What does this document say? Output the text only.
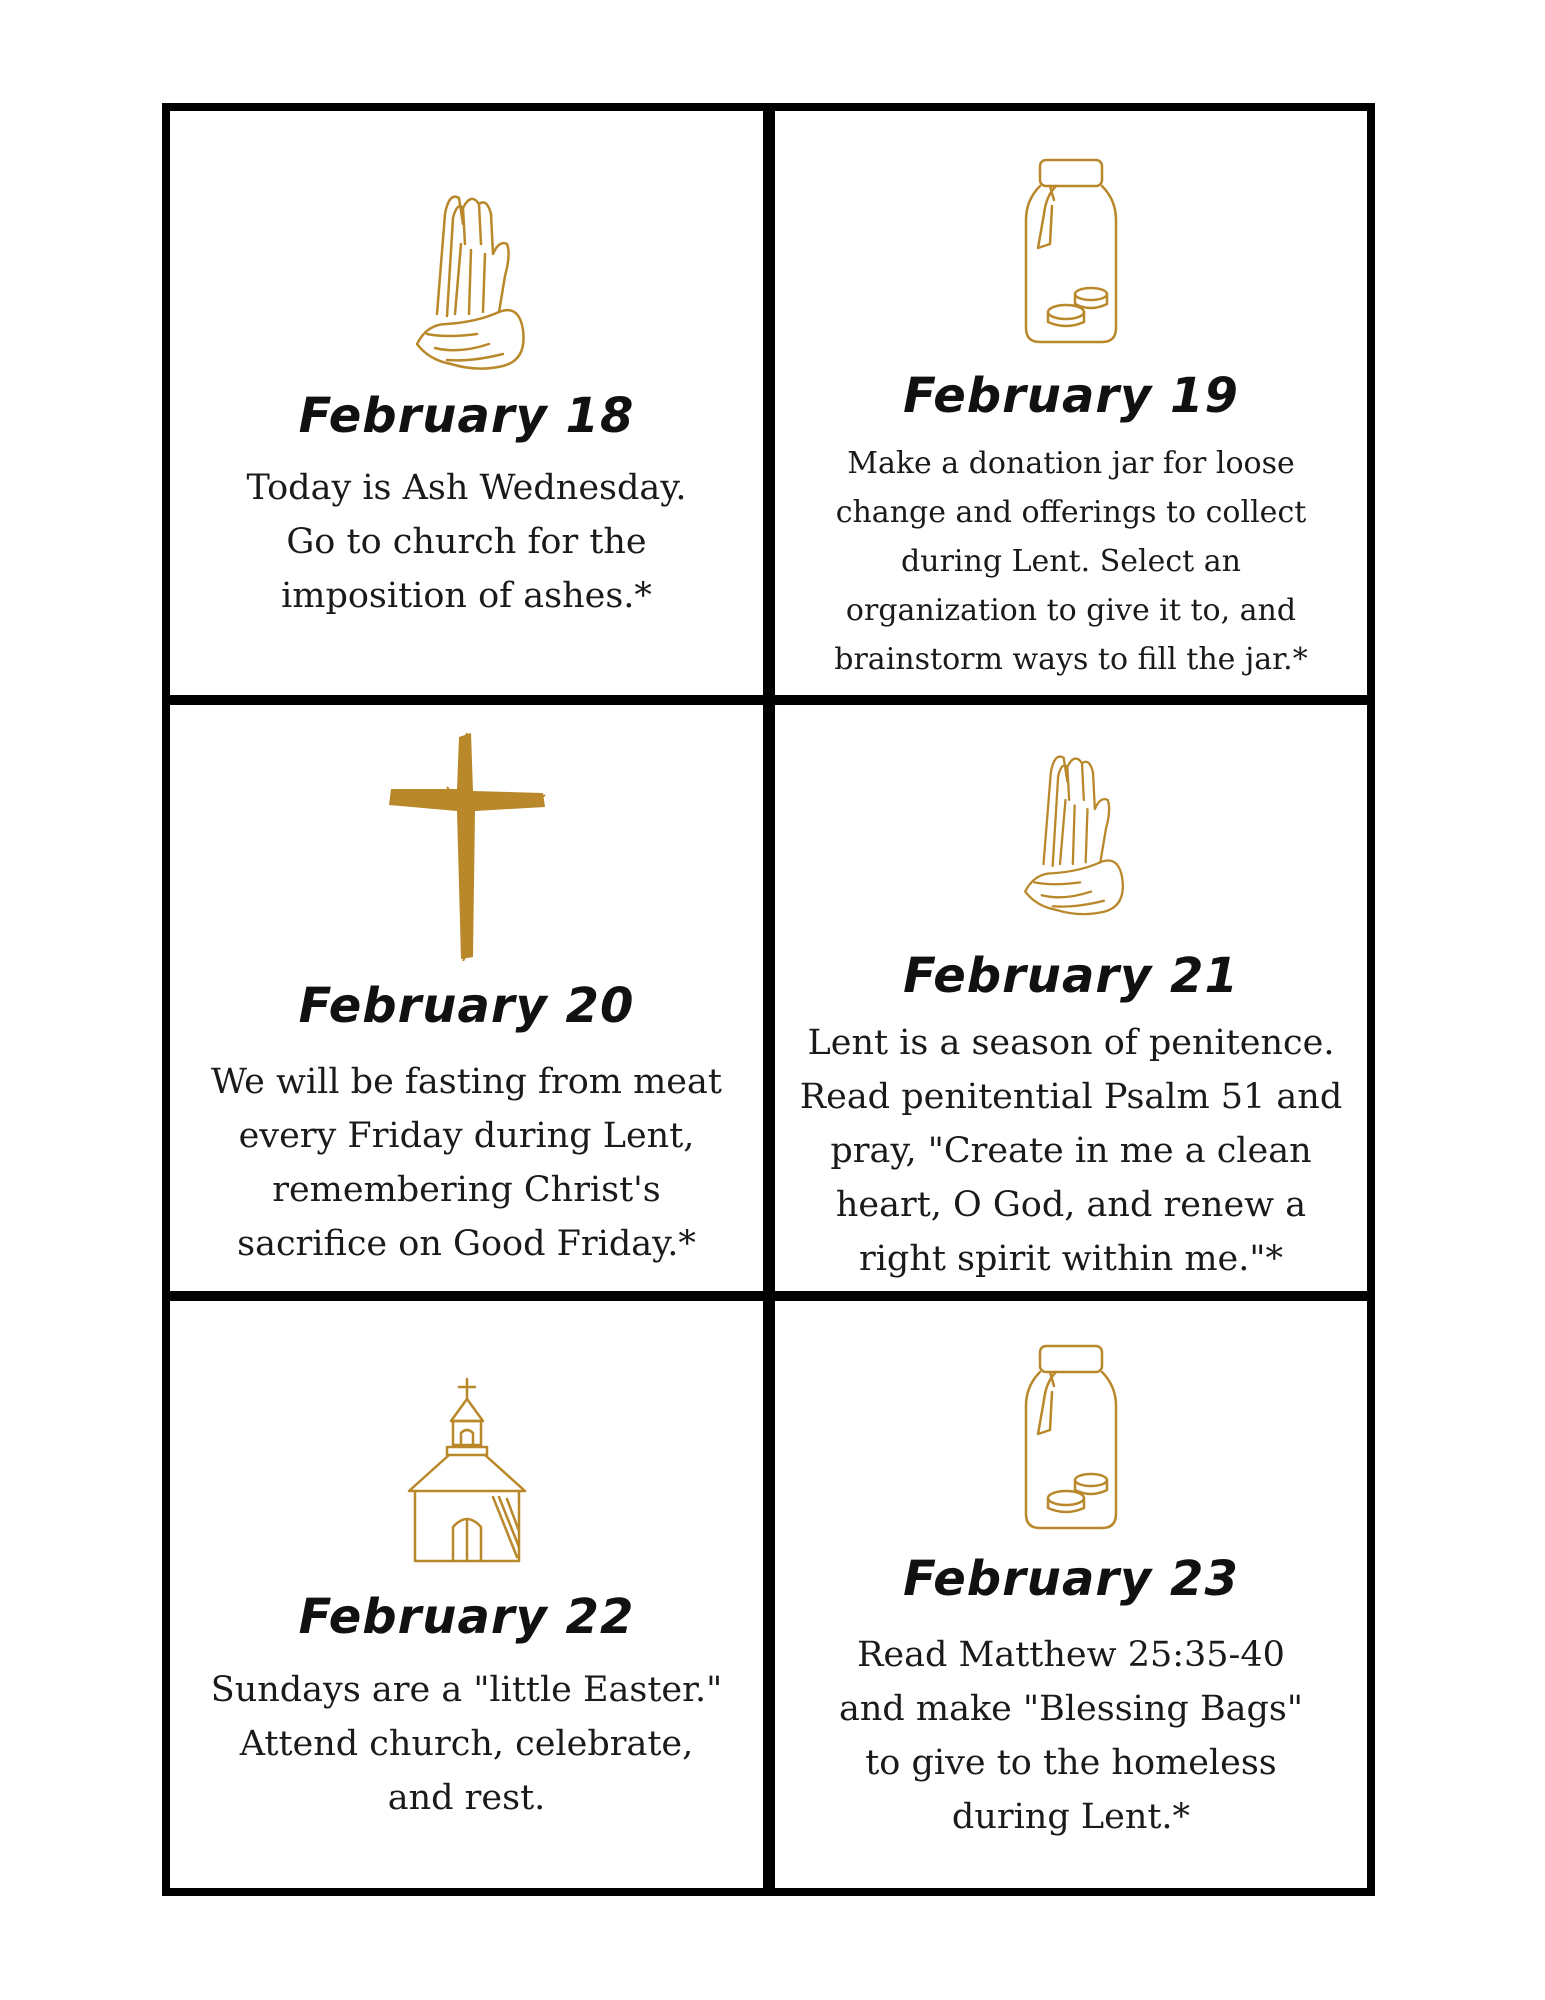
February 18
Today is Ash Wednesday.
Go to church for the
imposition of ashes.*
February 19
Make a donation jar for loose
change and offerings to collect
during Lent. Select an
organization to give it to, and
brainstorm ways to fill the jar.*
February 20
We will be fasting from meat
every Friday during Lent,
remembering Christ's
sacrifice on Good Friday.*
February 21
Lent is a season of penitence.
Read penitential Psalm 51 and
pray, "Create in me a clean
heart, O God, and renew a
right spirit within me."*
February 22
Sundays are a "little Easter."
Attend church, celebrate,
and rest.
February 23
Read Matthew 25:35-40
and make "Blessing Bags"
to give to the homeless
during Lent.*
